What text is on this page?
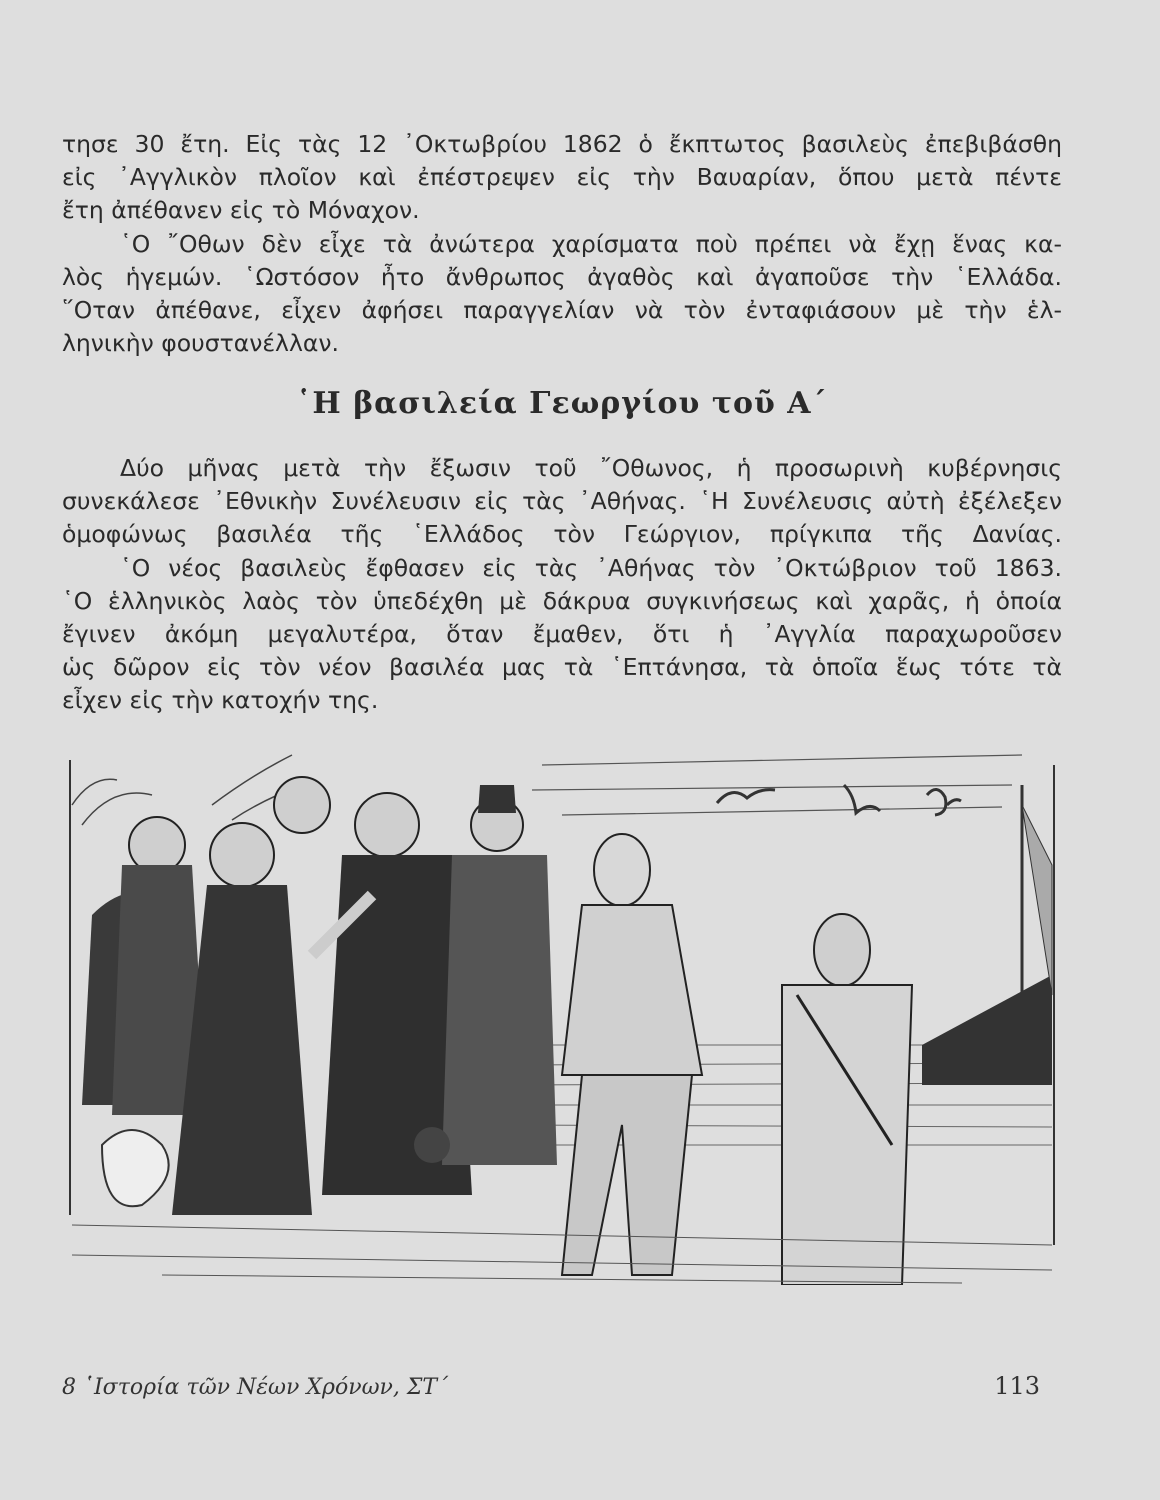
τησε 30 ἔτη. Εἰς τὰς 12 ᾿Οκτωβρίου 1862 ὁ ἔκπτωτος βασιλεὺς ἐπεβιβάσθη
εἰς ᾿Αγγλικὸν πλοῖον καὶ ἐπέστρεψεν εἰς τὴν Βαυαρίαν, ὅπου μετὰ πέντε
ἔτη ἀπέθανεν εἰς τὸ Μόναχον.

῾Ο ῎Οθων δὲν εἶχε τὰ ἀνώτερα χαρίσματα ποὺ πρέπει νὰ ἔχῃ ἕνας κα-
λὸς ἡγεμών. ῾Ωστόσον ἦτο ἄνθρωπος ἀγαθὸς καὶ ἀγαποῦσε τὴν ῾Ελλάδα.
῞Οταν ἀπέθανε, εἶχεν ἀφήσει παραγγελίαν νὰ τὸν ἐνταφιάσουν μὲ τὴν ἑλ-
ληνικὴν φουστανέλλαν.

῾Η βασιλεία Γεωργίου τοῦ Α΄

Δύο μῆνας μετὰ τὴν ἔξωσιν τοῦ ῎Οθωνος, ἡ προσωρινὴ κυβέρνησις
συνεκάλεσε ᾿Εθνικὴν Συνέλευσιν εἰς τὰς ᾿Αθήνας. ῾Η Συνέλευσις αὐτὴ ἐξέλεξεν
ὁμοφώνως βασιλέα τῆς ῾Ελλάδος τὸν Γεώργιον, πρίγκιπα τῆς Δανίας.

῾Ο νέος βασιλεὺς ἔφθασεν εἰς τὰς ᾿Αθήνας τὸν ᾿Οκτώβριον τοῦ 1863.
῾Ο ἑλληνικὸς λαὸς τὸν ὑπεδέχθη μὲ δάκρυα συγκινήσεως καὶ χαρᾶς, ἡ ὁποία
ἔγινεν ἀκόμη μεγαλυτέρα, ὅταν ἔμαθεν, ὅτι ἡ ᾿Αγγλία παραχωροῦσεν
ὡς δῶρον εἰς τὸν νέον βασιλέα μας τὰ ῾Επτάνησα, τὰ ὁποῖα ἕως τότε τὰ
εἶχεν εἰς τὴν κατοχήν της.

8 ῾Ιστορία τῶν Νέων Χρόνων, ΣΤ΄	113
